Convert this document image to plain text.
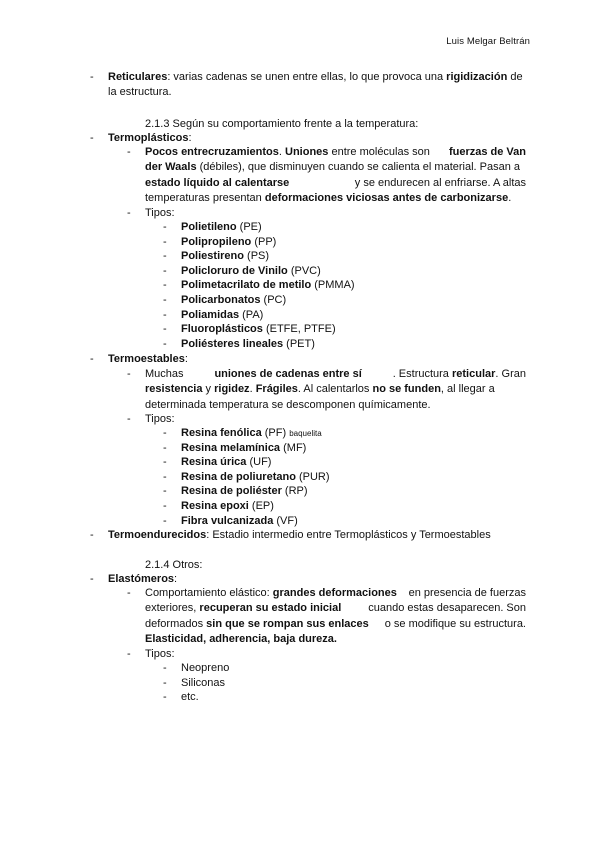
Luis Melgar Beltrán
- Reticulares: varias cadenas se unen entre ellas, lo que provoca una rigidización de
la estructura.
2.1.3 Según su comportamiento frente a la temperatura:
- Termoplásticos:
- Pocos entrecruzamientos. Uniones entre moléculas son fuerzas de Van
der Waals (débiles), que disminuyen cuando se calienta el material. Pasan a
estado líquido al calentarse	y se endurecen al enfriarse. A altas
temperaturas presentan deformaciones viciosas antes de carbonizarse.
- Tipos:
- Polietileno (PE)
- Polipropileno (PP)
- Poliestireno (PS)
- Policloruro de Vinilo (PVC)
- Polimetacrilato de metilo (PMMA)
- Policarbonatos (PC)
- Poliamidas (PA)
- Fluoroplásticos (ETFE, PTFE)
- Poliésteres lineales (PET)
- Termoestables:
- Muchas	uniones de cadenas entre sí	. Estructura reticular. Gran
resistencia y rigidez. Frágiles. Al calentarlos no se funden, al llegar a
determinada temperatura se descomponen químicamente.
- Tipos:
- Resina fenólica (PF) baquelita
- Resina melamínica (MF)
- Resina úrica (UF)
- Resina de poliuretano (PUR)
- Resina de poliéster (RP)
- Resina epoxi (EP)
- Fibra vulcanizada (VF)
- Termoendurecidos: Estadio intermedio entre Termoplásticos y Termoestables
2.1.4 Otros:
- Elastómeros:
- Comportamiento elástico: grandes deformaciones en presencia de fuerzas
exteriores, recuperan su estado inicial cuando estas desaparecen. Son
deformados sin que se rompan sus enlaces o se modifique su estructura.
Elasticidad, adherencia, baja dureza.
- Tipos:
- Neopreno
- Siliconas
- etc.
